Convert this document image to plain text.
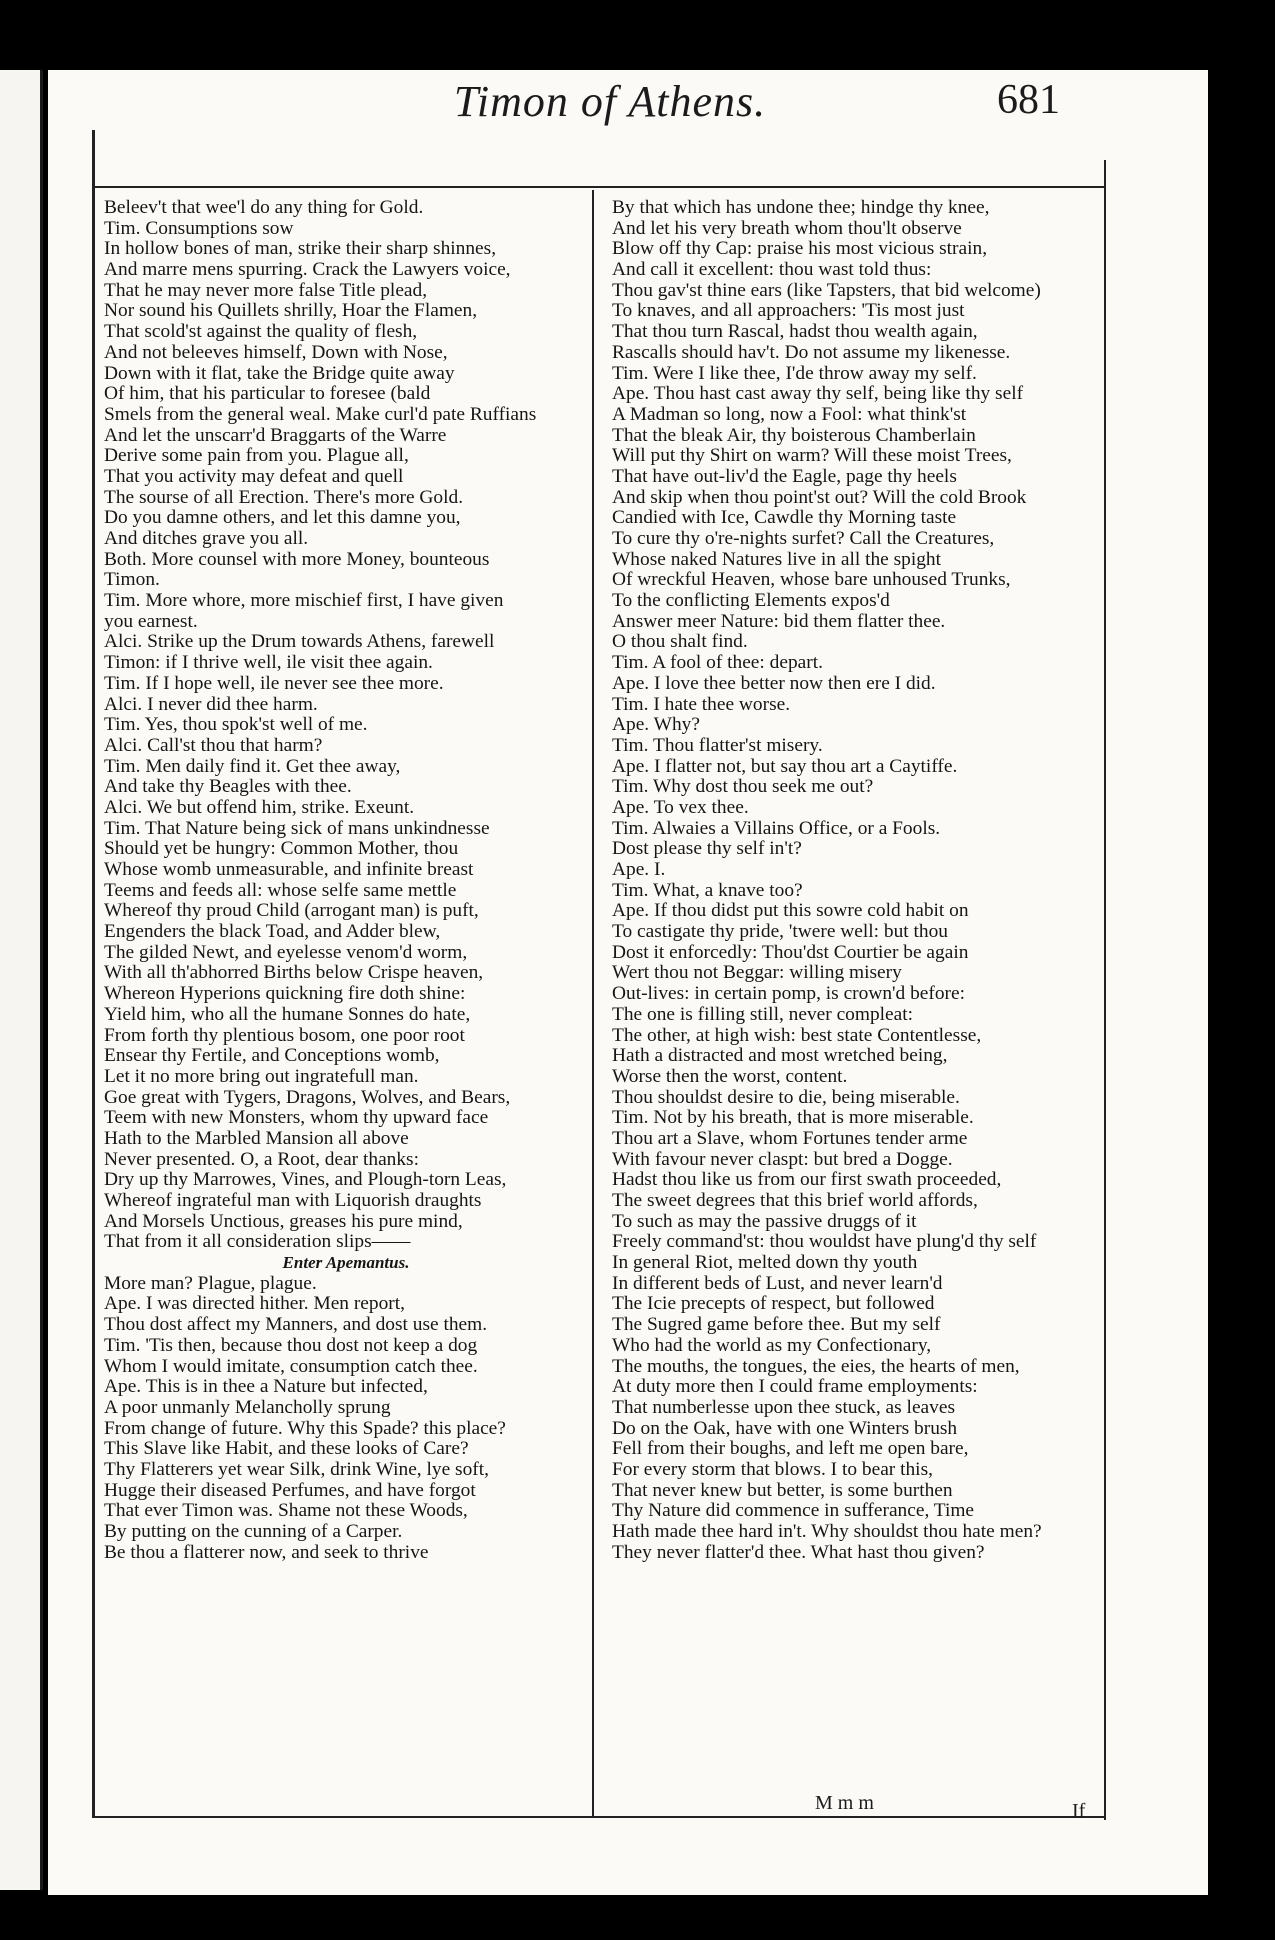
Timon of Athens.	681
Beleev't that wee'l do any thing for Gold.
Tim. Consumptions sow
In hollow bones of man, strike their sharp shinnes,
And marre mens spurring. Crack the Lawyers voice,
That he may never more false Title plead,
Nor sound his Quillets shrilly, Hoar the Flamen,
That scold'st against the quality of flesh,
And not beleeves himself, Down with Nose,
Down with it flat, take the Bridge quite away
Of him, that his particular to foresee (bald
Smels from the general weal. Make curl'd pate Ruffians
And let the unscarr'd Braggarts of the Warre
Derive some pain from you. Plague all,
That you activity may defeat and quell
The sourse of all Erection. There's more Gold.
Do you damne others, and let this damne you,
And ditches grave you all.
Both. More counsel with more Money, bounteous
Timon.
Tim. More whore, more mischief first, I have given
you earnest.
Alci. Strike up the Drum towards Athens, farewell
Timon: if I thrive well, ile visit thee again.
Tim. If I hope well, ile never see thee more.
Alci. I never did thee harm.
Tim. Yes, thou spok'st well of me.
Alci. Call'st thou that harm?
Tim. Men daily find it. Get thee away,
And take thy Beagles with thee.
Alci. We but offend him, strike. Exeunt.
Tim. That Nature being sick of mans unkindnesse
Should yet be hungry: Common Mother, thou
Whose womb unmeasurable, and infinite breast
Teems and feeds all: whose selfe same mettle
Whereof thy proud Child (arrogant man) is puft,
Engenders the black Toad, and Adder blew,
The gilded Newt, and eyelesse venom'd worm,
With all th'abhorred Births below Crispe heaven,
Whereon Hyperions quickning fire doth shine:
Yield him, who all the humane Sonnes do hate,
From forth thy plentious bosom, one poor root
Ensear thy Fertile, and Conceptions womb,
Let it no more bring out ingratefull man.
Goe great with Tygers, Dragons, Wolves, and Bears,
Teem with new Monsters, whom thy upward face
Hath to the Marbled Mansion all above
Never presented. O, a Root, dear thanks:
Dry up thy Marrowes, Vines, and Plough-torn Leas,
Whereof ingrateful man with Liquorish draughts
And Morsels Unctious, greases his pure mind,
That from it all consideration slips——
Enter Apemantus.
More man? Plague, plague.
Ape. I was directed hither. Men report,
Thou dost affect my Manners, and dost use them.
Tim. 'Tis then, because thou dost not keep a dog
Whom I would imitate, consumption catch thee.
Ape. This is in thee a Nature but infected,
A poor unmanly Melancholly sprung
From change of future. Why this Spade? this place?
This Slave like Habit, and these looks of Care?
Thy Flatterers yet wear Silk, drink Wine, lye soft,
Hugge their diseased Perfumes, and have forgot
That ever Timon was. Shame not these Woods,
By putting on the cunning of a Carper.
Be thou a flatterer now, and seek to thrive
By that which has undone thee; hindge thy knee,
And let his very breath whom thou'lt observe
Blow off thy Cap: praise his most vicious strain,
And call it excellent: thou wast told thus:
Thou gav'st thine ears (like Tapsters, that bid welcome)
To knaves, and all approachers: 'Tis most just
That thou turn Rascal, hadst thou wealth again,
Rascalls should hav't. Do not assume my likenesse.
Tim. Were I like thee, I'de throw away my self.
Ape. Thou hast cast away thy self, being like thy self
A Madman so long, now a Fool: what think'st
That the bleak Air, thy boisterous Chamberlain
Will put thy Shirt on warm? Will these moist Trees,
That have out-liv'd the Eagle, page thy heels
And skip when thou point'st out? Will the cold Brook
Candied with Ice, Cawdle thy Morning taste
To cure thy o're-nights surfet? Call the Creatures,
Whose naked Natures live in all the spight
Of wreckful Heaven, whose bare unhoused Trunks,
To the conflicting Elements expos'd
Answer meer Nature: bid them flatter thee.
O thou shalt find.
Tim. A fool of thee: depart.
Ape. I love thee better now then ere I did.
Tim. I hate thee worse.
Ape. Why?
Tim. Thou flatter'st misery.
Ape. I flatter not, but say thou art a Caytiffe.
Tim. Why dost thou seek me out?
Ape. To vex thee.
Tim. Alwaies a Villains Office, or a Fools.
Dost please thy self in't?
Ape. I.
Tim. What, a knave too?
Ape. If thou didst put this sowre cold habit on
To castigate thy pride, 'twere well: but thou
Dost it enforcedly: Thou'dst Courtier be again
Wert thou not Beggar: willing misery
Out-lives: in certain pomp, is crown'd before:
The one is filling still, never compleat:
The other, at high wish: best state Contentlesse,
Hath a distracted and most wretched being,
Worse then the worst, content.
Thou shouldst desire to die, being miserable.
Tim. Not by his breath, that is more miserable.
Thou art a Slave, whom Fortunes tender arme
With favour never claspt: but bred a Dogge.
Hadst thou like us from our first swath proceeded,
The sweet degrees that this brief world affords,
To such as may the passive druggs of it
Freely command'st: thou wouldst have plung'd thy self
In general Riot, melted down thy youth
In different beds of Lust, and never learn'd
The Icie precepts of respect, but followed
The Sugred game before thee. But my self
Who had the world as my Confectionary,
The mouths, the tongues, the eies, the hearts of men,
At duty more then I could frame employments:
That numberlesse upon thee stuck, as leaves
Do on the Oak, have with one Winters brush
Fell from their boughs, and left me open bare,
For every storm that blows. I to bear this,
That never knew but better, is some burthen
Thy Nature did commence in sufferance, Time
Hath made thee hard in't. Why shouldst thou hate men?
They never flatter'd thee. What hast thou given?
M m m	If
